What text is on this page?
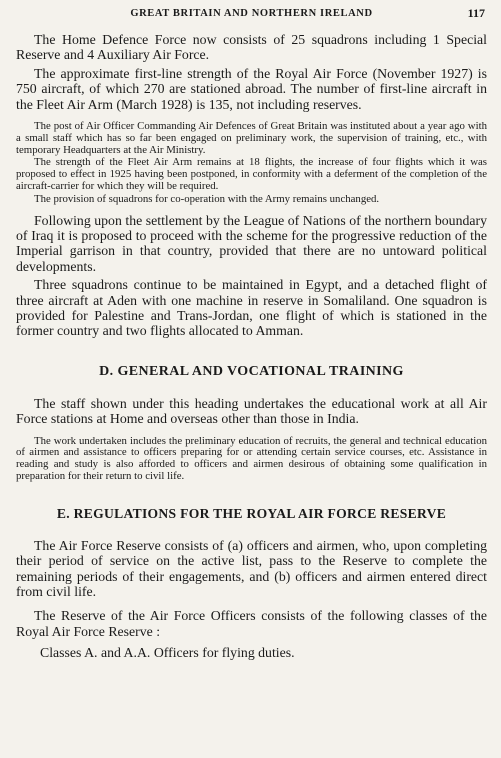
GREAT BRITAIN AND NORTHERN IRELAND	117

The Home Defence Force now consists of 25 squadrons including 1 Special Reserve and 4 Auxiliary Air Force.

The approximate first-line strength of the Royal Air Force (November 1927) is 750 aircraft, of which 270 are stationed abroad. The number of first-line aircraft in the Fleet Air Arm (March 1928) is 135, not including reserves.

The post of Air Officer Commanding Air Defences of Great Britain was instituted about a year ago with a small staff which has so far been engaged on preliminary work, the supervision of training, etc., with temporary Headquarters at the Air Ministry.

The strength of the Fleet Air Arm remains at 18 flights, the increase of four flights which it was proposed to effect in 1925 having been postponed, in conformity with a deferment of the completion of the aircraft-carrier for which they will be required.

The provision of squadrons for co-operation with the Army remains unchanged.

Following upon the settlement by the League of Nations of the northern boundary of Iraq it is proposed to proceed with the scheme for the progressive reduction of the Imperial garrison in that country, provided that there are no untoward political developments.

Three squadrons continue to be maintained in Egypt, and a detached flight of three aircraft at Aden with one machine in reserve in Somaliland. One squadron is provided for Palestine and Trans-Jordan, one flight of which is stationed in the former country and two flights allocated to Amman.

D. GENERAL AND VOCATIONAL TRAINING

The staff shown under this heading undertakes the educational work at all Air Force stations at Home and overseas other than those in India.

The work undertaken includes the preliminary education of recruits, the general and technical education of airmen and assistance to officers preparing for or attending certain service courses, etc. Assistance in reading and study is also afforded to officers and airmen desirous of obtaining some qualification in preparation for their return to civil life.

E. REGULATIONS FOR THE ROYAL AIR FORCE RESERVE

The Air Force Reserve consists of (a) officers and airmen, who, upon completing their period of service on the active list, pass to the Reserve to complete the remaining periods of their engagements, and (b) officers and airmen entered direct from civil life.

The Reserve of the Air Force Officers consists of the following classes of the Royal Air Force Reserve :

Classes A. and A.A. Officers for flying duties.
